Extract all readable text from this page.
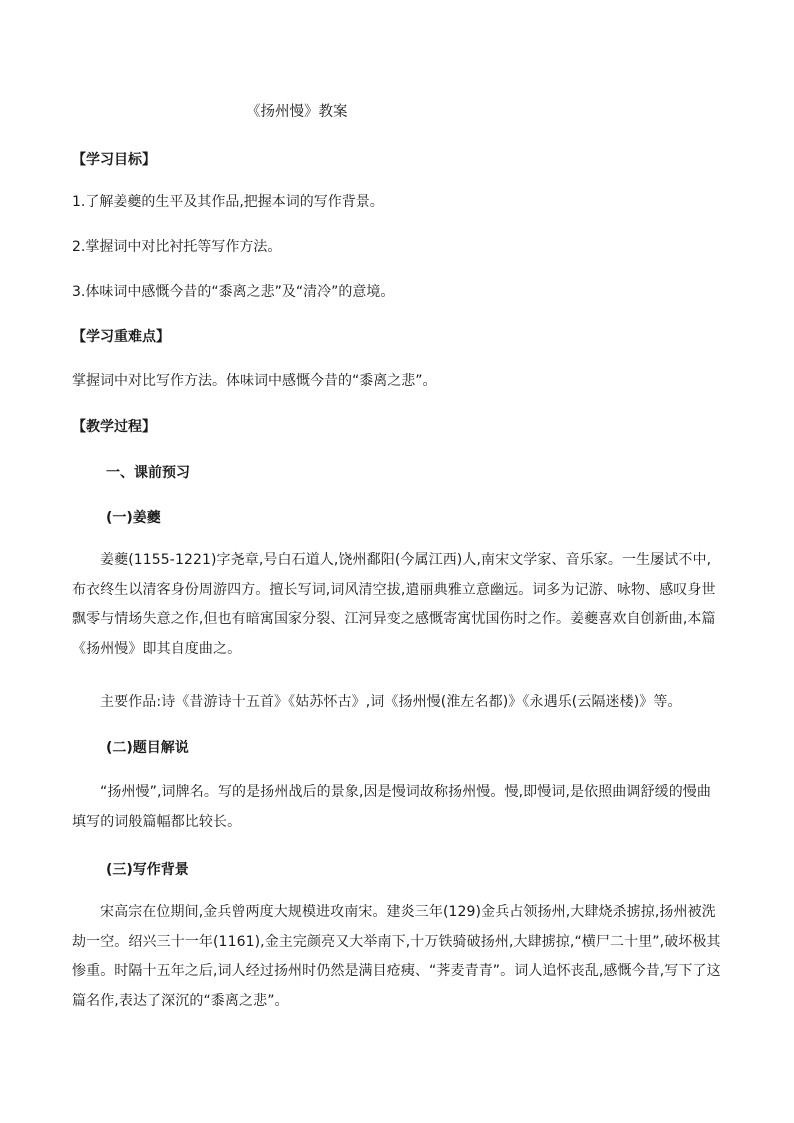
《扬州慢》教案
【学习目标】
1.了解姜夔的生平及其作品,把握本词的写作背景。
2.掌握词中对比衬托等写作方法。
3.体味词中感慨今昔的“黍离之悲”及“清冷”的意境。
【学习重难点】
掌握词中对比写作方法。体味词中感慨今昔的“黍离之悲”。
【教学过程】
一、课前预习
(一)姜夔
姜夔(1155-1221)字尧章,号白石道人,饶州鄱阳(今属江西)人,南宋文学家、音乐家。一生屡试不中,布衣终生以清客身份周游四方。擅长写词,词风清空拔,遣丽典雅立意幽远。词多为记游、咏物、感叹身世飘零与情场失意之作,但也有暗寓国家分裂、江河异变之感慨寄寓忧国伤时之作。姜夔喜欢自创新曲,本篇《扬州慢》即其自度曲之。
主要作品:诗《昔游诗十五首》《姑苏怀古》,词《扬州慢(淮左名都)》《永遇乐(云隔迷楼)》等。
(二)题目解说
“扬州慢”,词牌名。写的是扬州战后的景象,因是慢词故称扬州慢。慢,即慢词,是依照曲调舒缓的慢曲填写的词般篇幅都比较长。
(三)写作背景
宋高宗在位期间,金兵曾两度大规模进攻南宋。建炎三年(129)金兵占领扬州,大肆烧杀掳掠,扬州被洗劫一空。绍兴三十一年(1161),金主完颜亮又大举南下,十万铁骑破扬州,大肆掳掠,“横尸二十里”,破坏极其惨重。时隔十五年之后,词人经过扬州时仍然是满目疮痍、“荠麦青青”。词人追怀丧乱,感慨今昔,写下了这篇名作,表达了深沉的“黍离之悲”。
